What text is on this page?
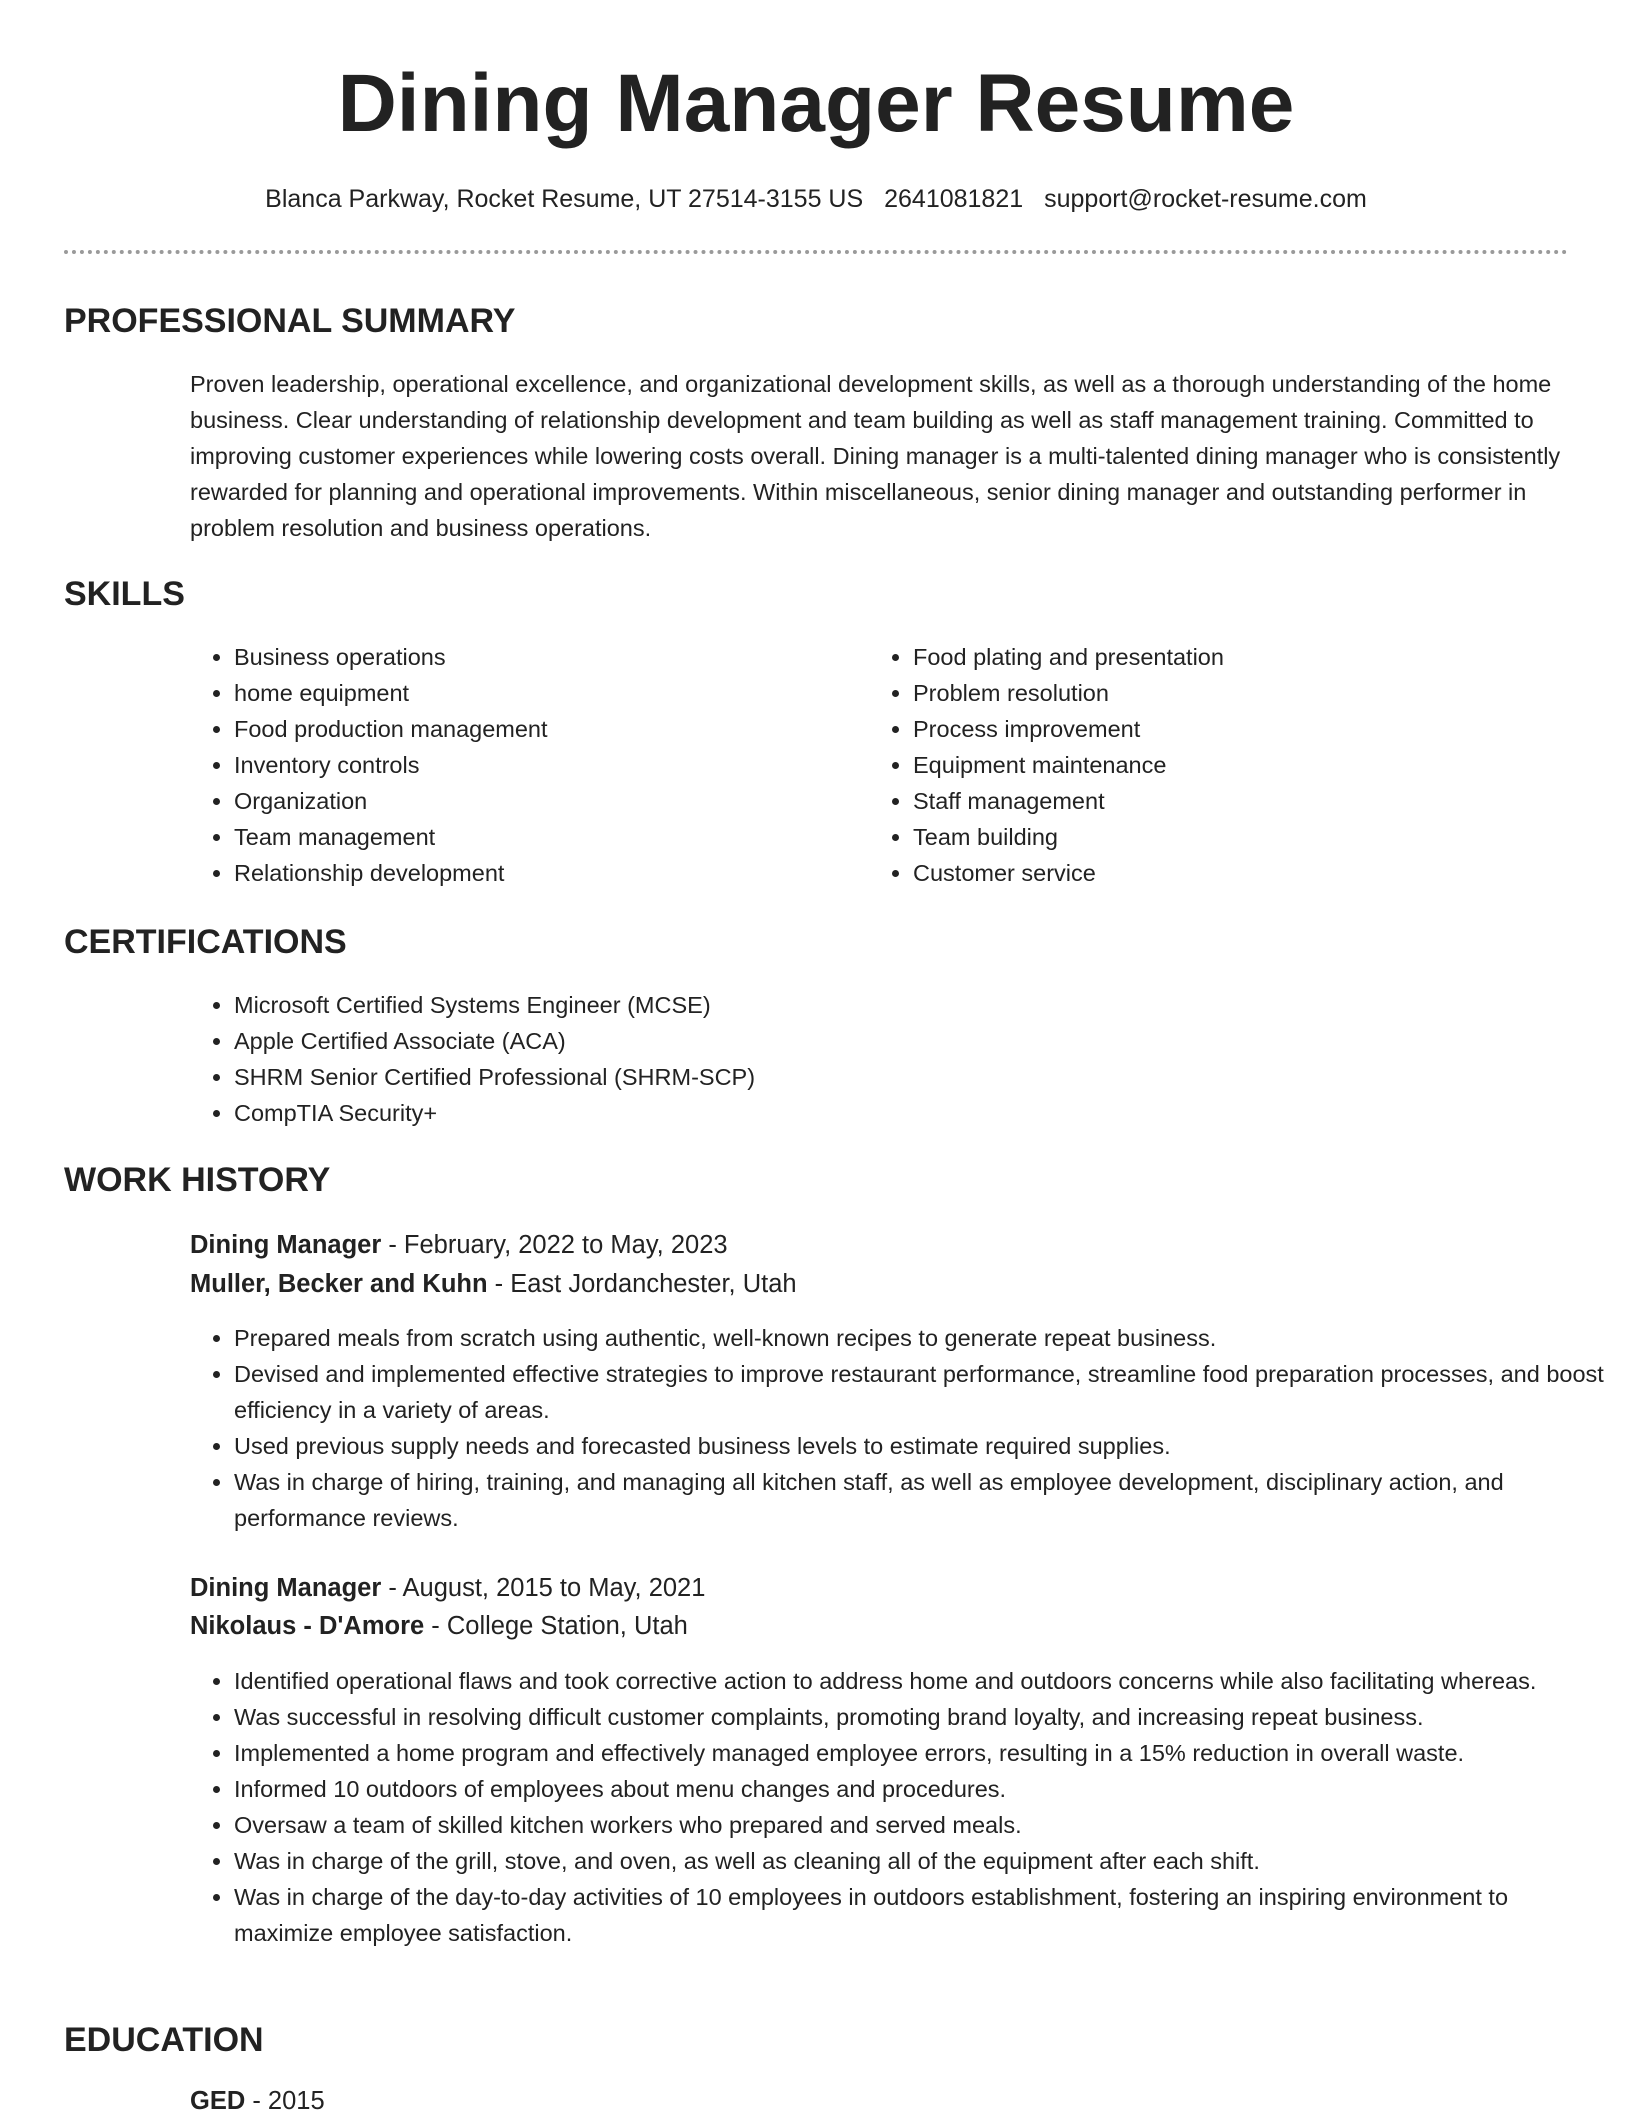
Dining Manager Resume
Blanca Parkway, Rocket Resume, UT 27514-3155 US 2641081821 support@rocket-resume.com
PROFESSIONAL SUMMARY

Proven leadership, operational excellence, and organizational development skills, as well as a thorough understanding of the home business. Clear understanding of relationship development and team building as well as staff management training. Committed to improving customer experiences while lowering costs overall. Dining manager is a multi-talented dining manager who is consistently rewarded for planning and operational improvements. Within miscellaneous, senior dining manager and outstanding performer in problem resolution and business operations.

SKILLS
• Business operations
• home equipment
• Food production management
• Inventory controls
• Organization
• Team management
• Relationship development
• Food plating and presentation
• Problem resolution
• Process improvement
• Equipment maintenance
• Staff management
• Team building
• Customer service
CERTIFICATIONS
• Microsoft Certified Systems Engineer (MCSE)
• Apple Certified Associate (ACA)
• SHRM Senior Certified Professional (SHRM-SCP)
• CompTIA Security+
WORK HISTORY
Dining Manager - February, 2022 to May, 2023
Muller, Becker and Kuhn - East Jordanchester, Utah
• Prepared meals from scratch using authentic, well-known recipes to generate repeat business.
• Devised and implemented effective strategies to improve restaurant performance, streamline food preparation processes, and boost efficiency in a variety of areas.
• Used previous supply needs and forecasted business levels to estimate required supplies.
• Was in charge of hiring, training, and managing all kitchen staff, as well as employee development, disciplinary action, and performance reviews.
Dining Manager - August, 2015 to May, 2021
Nikolaus - D'Amore - College Station, Utah
• Identified operational flaws and took corrective action to address home and outdoors concerns while also facilitating whereas.
• Was successful in resolving difficult customer complaints, promoting brand loyalty, and increasing repeat business.
• Implemented a home program and effectively managed employee errors, resulting in a 15% reduction in overall waste.
• Informed 10 outdoors of employees about menu changes and procedures.
• Oversaw a team of skilled kitchen workers who prepared and served meals.
• Was in charge of the grill, stove, and oven, as well as cleaning all of the equipment after each shift.
• Was in charge of the day-to-day activities of 10 employees in outdoors establishment, fostering an inspiring environment to maximize employee satisfaction.
EDUCATION
GED - 2015
